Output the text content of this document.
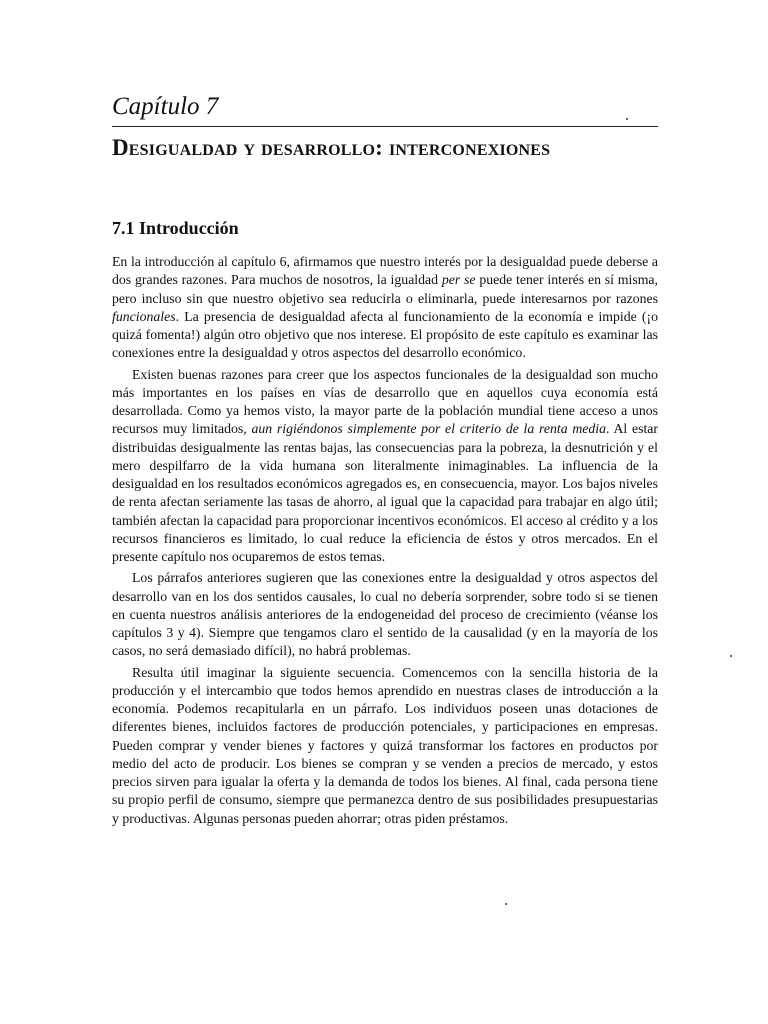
Capítulo 7
Desigualdad y desarrollo: interconexiones
7.1 Introducción

En la introducción al capítulo 6, afirmamos que nuestro interés por la desigualdad puede deberse a dos grandes razones. Para muchos de nosotros, la igualdad per se puede tener interés en sí misma, pero incluso sin que nuestro objetivo sea reducirla o eliminarla, puede interesarnos por razones funcionales. La presencia de desigualdad afecta al funcionamiento de la economía e impide (¡o quizá fomenta!) algún otro objetivo que nos interese. El propósito de este capítulo es examinar las conexiones entre la desigualdad y otros aspectos del desarrollo económico.

Existen buenas razones para creer que los aspectos funcionales de la desigualdad son mucho más importantes en los países en vías de desarrollo que en aquellos cuya economía está desarrollada. Como ya hemos visto, la mayor parte de la población mundial tiene acceso a unos recursos muy limitados, aun rigiéndonos simplemente por el criterio de la renta media. Al estar distribuidas desigualmente las rentas bajas, las consecuencias para la pobreza, la desnutrición y el mero despilfarro de la vida humana son literalmente inimaginables. La influencia de la desigualdad en los resultados económicos agregados es, en consecuencia, mayor. Los bajos niveles de renta afectan seriamente las tasas de ahorro, al igual que la capacidad para trabajar en algo útil; también afectan la capacidad para proporcionar incentivos económicos. El acceso al crédito y a los recursos financieros es limitado, lo cual reduce la eficiencia de éstos y otros mercados. En el presente capítulo nos ocuparemos de estos temas.

Los párrafos anteriores sugieren que las conexiones entre la desigualdad y otros aspectos del desarrollo van en los dos sentidos causales, lo cual no debería sorprender, sobre todo si se tienen en cuenta nuestros análisis anteriores de la endogeneidad del proceso de crecimiento (véanse los capítulos 3 y 4). Siempre que tengamos claro el sentido de la causalidad (y en la mayoría de los casos, no será demasiado difícil), no habrá problemas.

Resulta útil imaginar la siguiente secuencia. Comencemos con la sencilla historia de la producción y el intercambio que todos hemos aprendido en nuestras clases de introducción a la economía. Podemos recapitularla en un párrafo. Los individuos poseen unas dotaciones de diferentes bienes, incluidos factores de producción potenciales, y participaciones en empresas. Pueden comprar y vender bienes y factores y quizá transformar los factores en productos por medio del acto de producir. Los bienes se compran y se venden a precios de mercado, y estos precios sirven para igualar la oferta y la demanda de todos los bienes. Al final, cada persona tiene su propio perfil de consumo, siempre que permanezca dentro de sus posibilidades presupuestarias y productivas. Algunas personas pueden ahorrar; otras piden préstamos.
